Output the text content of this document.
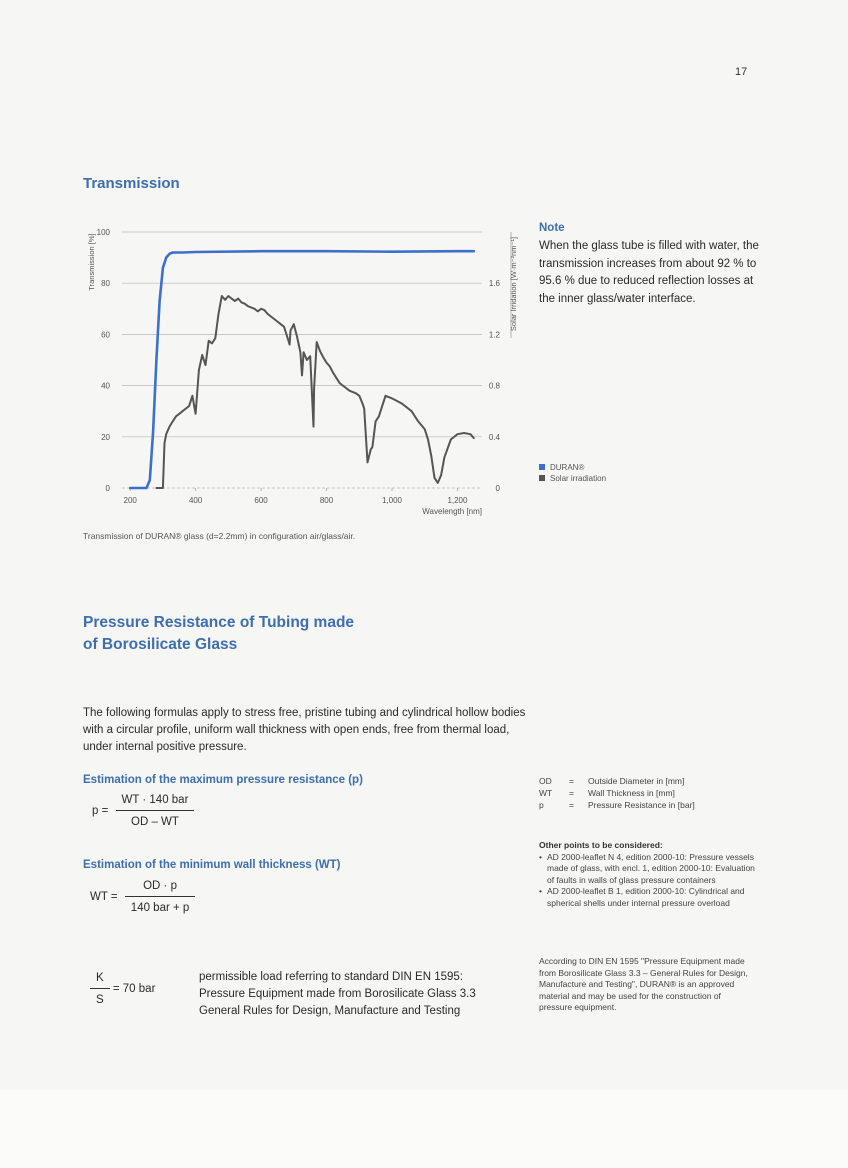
17
Transmission
0
20
40
60
80
100
0
0.4
0.8
1.2
1.6
200	400	600	800	1,000	1,200
Wavelength [nm]
Transmission [%]	Solar Irridation [W·m⁻²nm⁻¹]
Note
When the glass tube is filled with water, the transmission increases from about 92 % to 95.6 % due to reduced reflection losses at the inner glass/water interface.
DURAN®
Solar irradiation
Transmission of DURAN® glass (d=2.2mm) in configuration air/glass/air.
Pressure Resistance of Tubing made
of Borosilicate Glass
The following formulas apply to stress free, pristine tubing and cylindrical hollow bodies with a circular profile, uniform wall thickness with open ends, free from thermal load, under internal positive pressure.
Estimation of the maximum pressure resistance (p)
$p = \frac{\text{WT · 140 bar}}{OD - WT}$
Estimation of the minimum wall thickness (WT)
WT = $\frac{OD \cdot p}{\text{140 bar + p}}$
$\frac{K}{S} = 70$ bar
permissible load referring to standard DIN EN 1595:
Pressure Equipment made from Borosilicate Glass 3.3
General Rules for Design, Manufacture and Testing
OD	=	Outside Diameter in [mm]
WT	=	Wall Thickness in [mm]
p	=	Pressure Resistance in [bar]
Other points to be considered:
• AD 2000-leaflet N 4, edition 2000-10: Pressure vessels made of glass, with encl. 1, edition 2000-10: Evaluation of faults in walls of glass pressure containers
• AD 2000-leaflet B 1, edition 2000-10: Cylindrical and spherical shells under internal pressure overload
According to DIN EN 1595 "Pressure Equipment made from Borosilicate Glass 3.3 – General Rules for Design, Manufacture and Testing", DURAN® is an approved material and may be used for the construction of pressure equipment.
